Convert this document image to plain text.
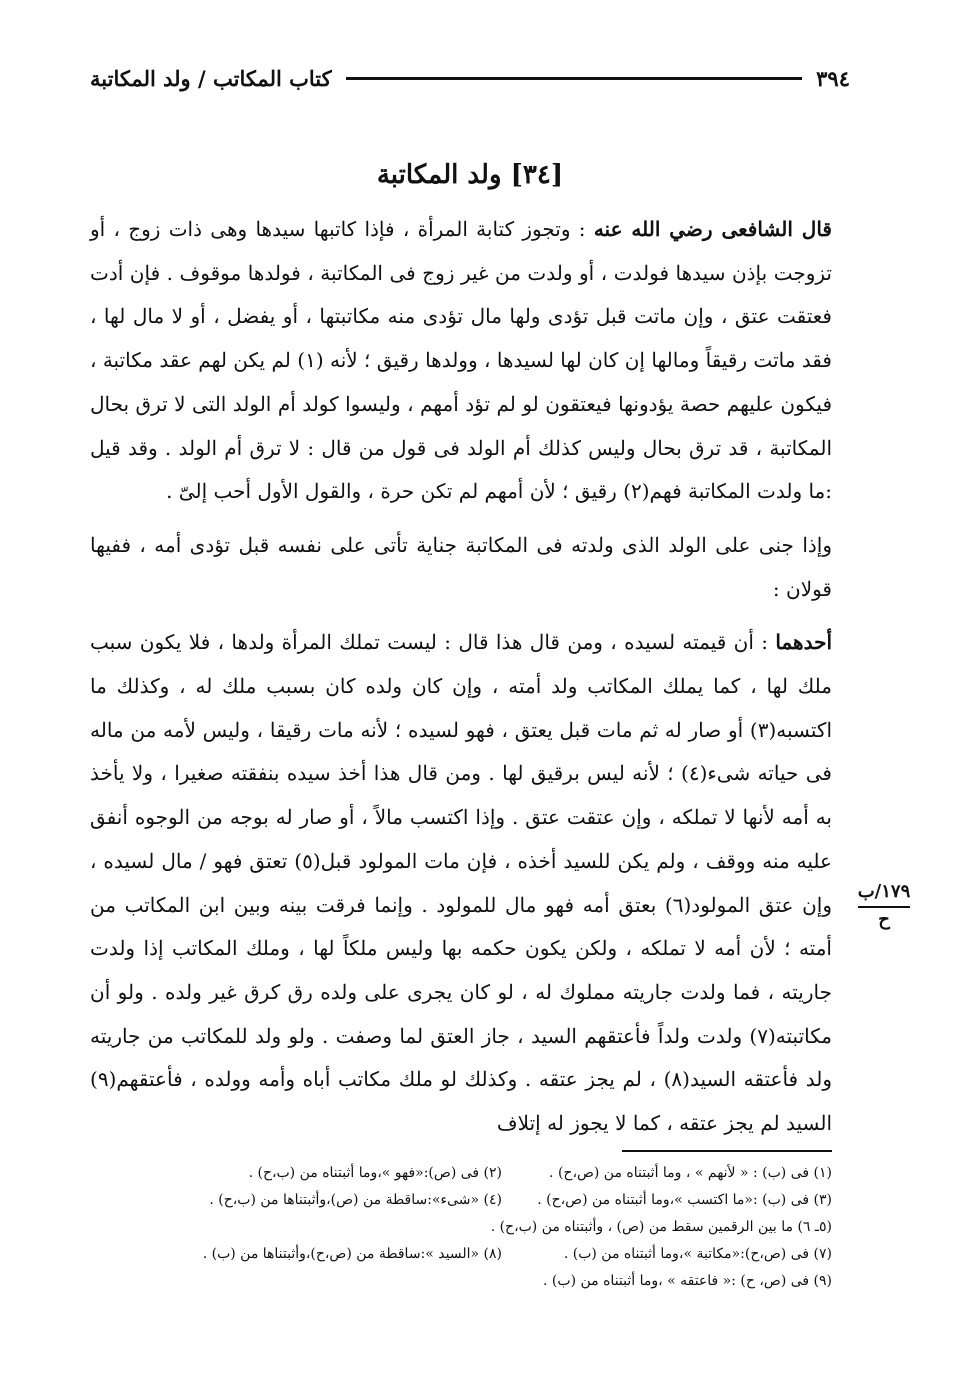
٣٩٤
كتاب المكاتب / ولد المكاتبة
[٣٤] ولد المكاتبة

قال الشافعى رضي الله عنه : وتجوز كتابة المرأة ، فإذا كاتبها سيدها وهى ذات زوج ، أو تزوجت بإذن سيدها فولدت ، أو ولدت من غير زوج فى المكاتبة ، فولدها موقوف . فإن أدت فعتقت عتق ، وإن ماتت قبل تؤدى ولها مال تؤدى منه مكاتبتها ، أو يفضل ، أو لا مال لها ، فقد ماتت رقيقاً ومالها إن كان لها لسيدها ، وولدها رقيق ؛ لأنه (١) لم يكن لهم عقد مكاتبة ، فيكون عليهم حصة يؤدونها فيعتقون لو لم تؤد أمهم ، وليسوا كولد أم الولد التى لا ترق بحال المكاتبة ، قد ترق بحال وليس كذلك أم الولد فى قول من قال : لا ترق أم الولد . وقد قيل :ما ولدت المكاتبة فهم(٢) رقيق ؛ لأن أمهم لم تكن حرة ، والقول الأول أحب إلىّ .

وإذا جنى على الولد الذى ولدته فى المكاتبة جناية تأتى على نفسه قبل تؤدى أمه ، ففيها قولان :

أحدهما : أن قيمته لسيده ، ومن قال هذا قال : ليست تملك المرأة ولدها ، فلا يكون سبب ملك لها ، كما يملك المكاتب ولد أمته ، وإن كان ولده كان بسبب ملك له ، وكذلك ما اكتسبه(٣) أو صار له ثم مات قبل يعتق ، فهو لسيده ؛ لأنه مات رقيقا ، وليس لأمه من ماله فى حياته شىء(٤) ؛ لأنه ليس برقيق لها . ومن قال هذا أخذ سيده بنفقته صغيرا ، ولا يأخذ به أمه لأنها لا تملكه ، وإن عتقت عتق . وإذا اكتسب مالاً ، أو صار له بوجه من الوجوه أنفق عليه منه ووقف ، ولم يكن للسيد أخذه ، فإن مات المولود قبل(٥) تعتق فهو / مال لسيده ، وإن عتق المولود(٦) بعتق أمه فهو مال للمولود . وإنما فرقت بينه وبين ابن المكاتب من أمته ؛ لأن أمه لا تملكه ، ولكن يكون حكمه بها وليس ملكاً لها ، وملك المكاتب إذا ولدت جاريته ، فما ولدت جاريته مملوك له ، لو كان يجرى على ولده رق كرق غير ولده . ولو أن مكاتبته(٧) ولدت ولداً فأعتقهم السيد ، جاز العتق لما وصفت . ولو ولد للمكاتب من جاريته ولد فأعتقه السيد(٨) ، لم يجز عتقه . وكذلك لو ملك مكاتب أباه وأمه وولده ، فأعتقهم(٩) السيد لم يجز عتقه ، كما لا يجوز له إتلاف

١٧٩/ب
ح
(١) فى (ب) : « لأنهم » ، وما أثبتناه من (ص،ح) .
(٢) فى (ص):«فهو »،وما أثبتناه من (ب،ح) .
(٣) فى (ب) :«ما اكتسب »،وما أثبتناه من (ص،ح) .
(٤) «شىء»:ساقطة من (ص)،وأثبتناها من (ب،ح) .
(٥ـ ٦) ما بين الرقمين سقط من (ص) ، وأثبتناه من (ب،ح) .
(٧) فى (ص،ح):«مكاتبة »،وما أثبتناه من (ب) .
(٨) «السيد »:ساقطة من (ص،ح)،وأثبتناها من (ب) .
(٩) فى (ص، ح) :« فاعتقه » ،وما أثبتناه من (ب) .
